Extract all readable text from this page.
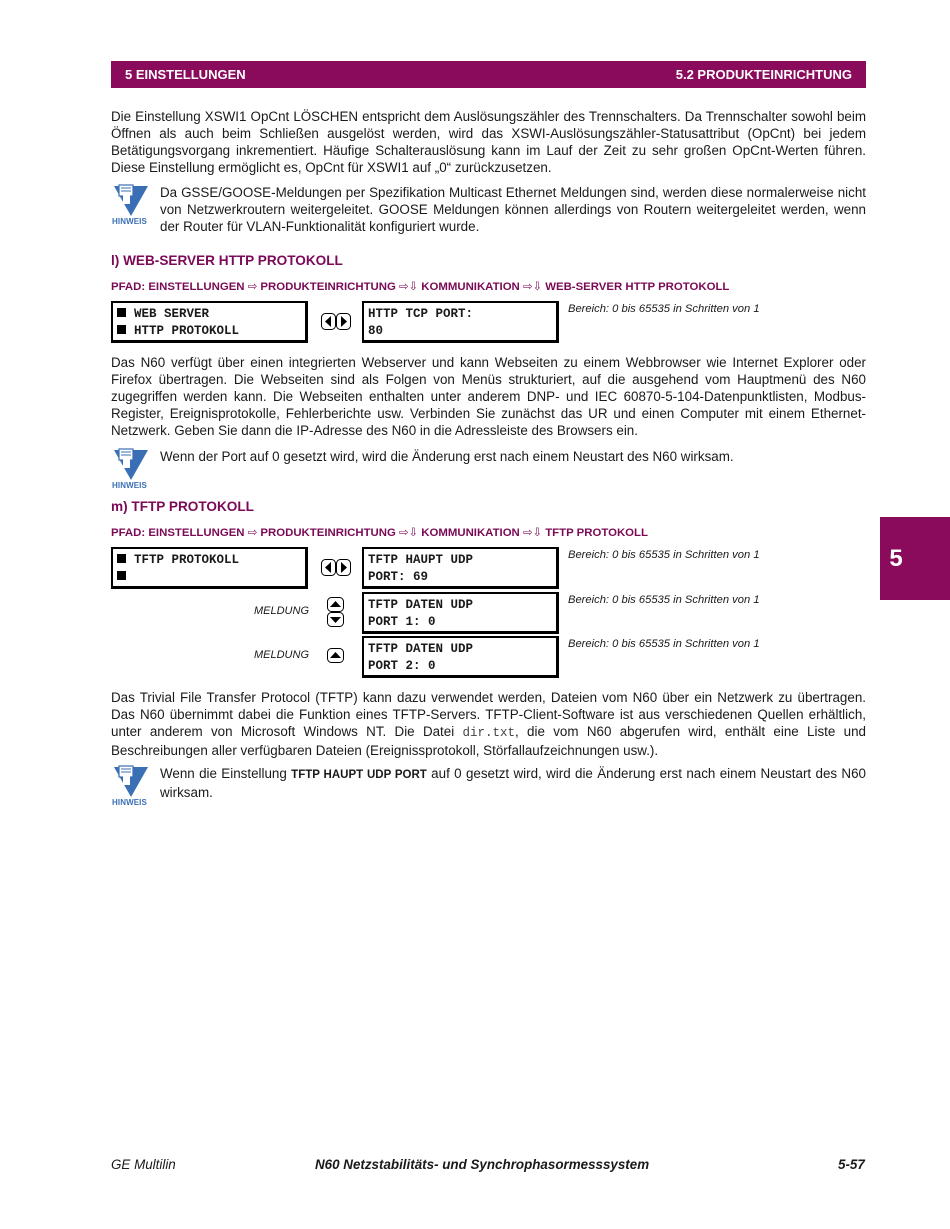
5 EINSTELLUNGEN	5.2 PRODUKTEINRICHTUNG
5

Die Einstellung XSWI1 OpCnt LÖSCHEN entspricht dem Auslösungszähler des Trennschalters. Da Trennschalter sowohl beim Öffnen als auch beim Schließen ausgelöst werden, wird das XSWI-Auslösungszähler-Statusattribut (OpCnt) bei jedem Betätigungsvorgang inkrementiert. Häufige Schalterauslösung kann im Lauf der Zeit zu sehr großen OpCnt-Werten führen. Diese Einstellung ermöglicht es, OpCnt für XSWI1 auf „0“ zurückzusetzen.

HINWEIS

Da GSSE/GOOSE-Meldungen per Spezifikation Multicast Ethernet Meldungen sind, werden diese normalerweise nicht von Netzwerkroutern weitergeleitet. GOOSE Meldungen können allerdings von Routern weitergeleitet werden, wenn der Router für VLAN-Funktionalität konfiguriert wurde.

l) WEB-SERVER HTTP PROTOKOLL

PFAD: EINSTELLUNGEN ⇨ PRODUKTEINRICHTUNG ⇨⇩ KOMMUNIKATION ⇨⇩ WEB-SERVER HTTP PROTOKOLL

WEB SERVER
HTTP PROTOKOLL
HTTP TCP PORT:
80
Bereich: 0 bis 65535 in Schritten von 1

Das N60 verfügt über einen integrierten Webserver und kann Webseiten zu einem Webbrowser wie Internet Explorer oder Firefox übertragen. Die Webseiten sind als Folgen von Menüs strukturiert, auf die ausgehend vom Hauptmenü des N60 zugegriffen werden kann. Die Webseiten enthalten unter anderem DNP- und IEC 60870-5-104-Datenpunktlisten, Modbus-Register, Ereignisprotokolle, Fehlerberichte usw. Verbinden Sie zunächst das UR und einen Computer mit einem Ethernet-Netzwerk. Geben Sie dann die IP-Adresse des N60 in die Adressleiste des Browsers ein.

HINWEIS

Wenn der Port auf 0 gesetzt wird, wird die Änderung erst nach einem Neustart des N60 wirksam.

m) TFTP PROTOKOLL

PFAD: EINSTELLUNGEN ⇨ PRODUKTEINRICHTUNG ⇨⇩ KOMMUNIKATION ⇨⇩ TFTP PROTOKOLL

TFTP PROTOKOLL	TFTP HAUPT UDP
PORT: 69
Bereich: 0 bis 65535 in Schritten von 1
MELDUNG	TFTP DATEN UDP
PORT 1: 0
Bereich: 0 bis 65535 in Schritten von 1
MELDUNG	TFTP DATEN UDP
PORT 2: 0
Bereich: 0 bis 65535 in Schritten von 1

Das Trivial File Transfer Protocol (TFTP) kann dazu verwendet werden, Dateien vom N60 über ein Netzwerk zu übertragen. Das N60 übernimmt dabei die Funktion eines TFTP-Servers. TFTP-Client-Software ist aus verschiedenen Quellen erhältlich, unter anderem von Microsoft Windows NT. Die Datei dir.txt, die vom N60 abgerufen wird, enthält eine Liste und Beschreibungen aller verfügbaren Dateien (Ereignissprotokoll, Störfallaufzeichnungen usw.).

HINWEIS

Wenn die Einstellung TFTP HAUPT UDP PORT auf 0 gesetzt wird, wird die Änderung erst nach einem Neustart des N60 wirksam.

GE Multilin	N60 Netzstabilitäts- und Synchrophasormesssystem	5-57
